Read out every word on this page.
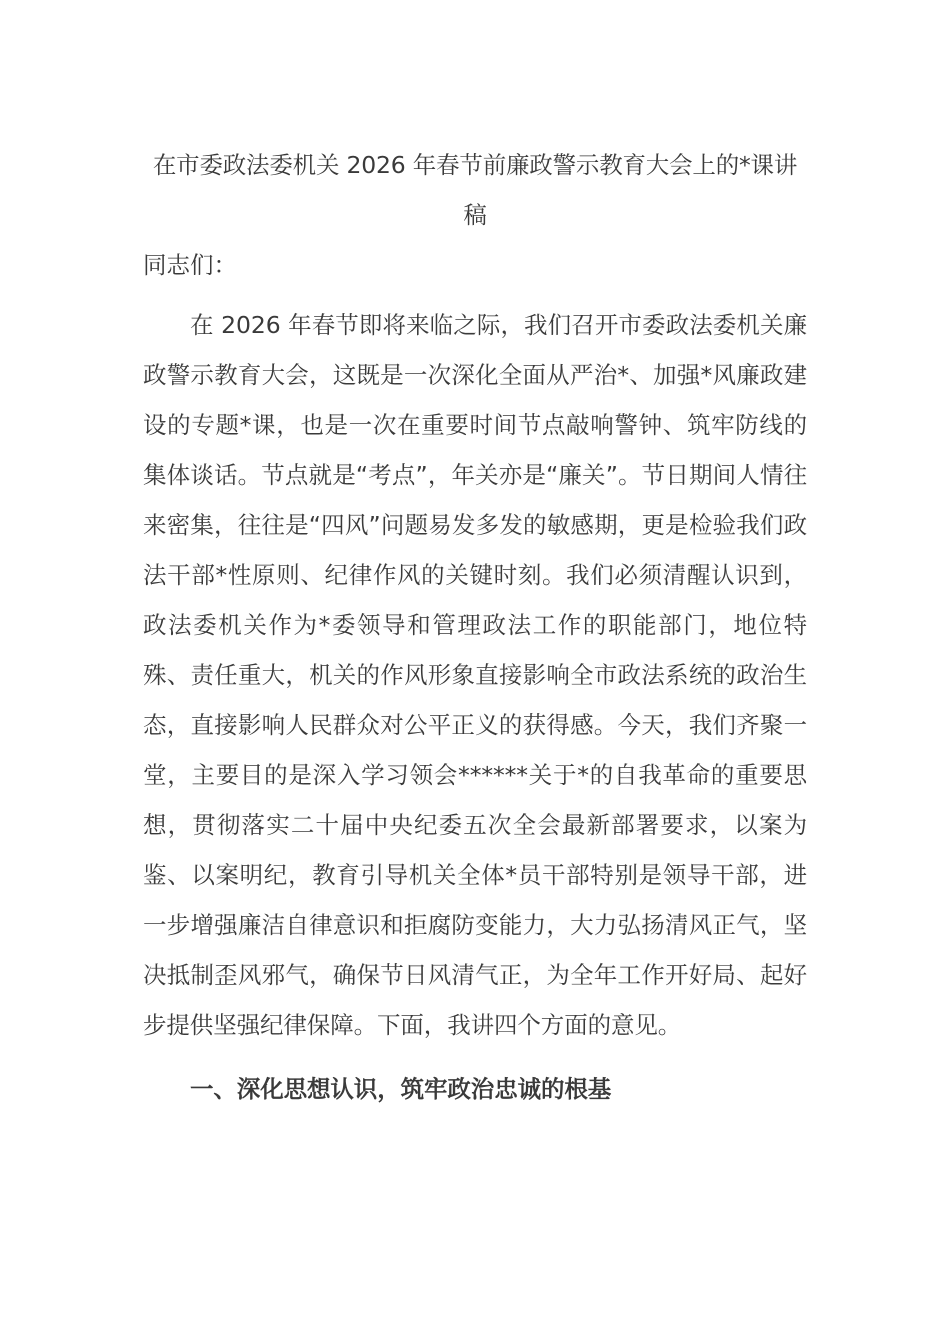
在市委政法委机关 2026 年春节前廉政警示教育大会上的*课讲
稿
同志们：

在 2026 年春节即将来临之际，我们召开市委政法委机关廉政警示教育大会，这既是一次深化全面从严治*、加强*风廉政建设的专题*课，也是一次在重要时间节点敲响警钟、筑牢防线的集体谈话。节点就是“考点”，年关亦是“廉关”。节日期间人情往来密集，往往是“四风”问题易发多发的敏感期，更是检验我们政法干部*性原则、纪律作风的关键时刻。我们必须清醒认识到，政法委机关作为*委领导和管理政法工作的职能部门，地位特殊、责任重大，机关的作风形象直接影响全市政法系统的政治生态，直接影响人民群众对公平正义的获得感。今天，我们齐聚一堂，主要目的是深入学习领会******关于*的自我革命的重要思想，贯彻落实二十届中央纪委五次全会最新部署要求，以案为鉴、以案明纪，教育引导机关全体*员干部特别是领导干部，进一步增强廉洁自律意识和拒腐防变能力，大力弘扬清风正气，坚决抵制歪风邪气，确保节日风清气正，为全年工作开好局、起好步提供坚强纪律保障。下面，我讲四个方面的意见。

一、深化思想认识，筑牢政治忠诚的根基
